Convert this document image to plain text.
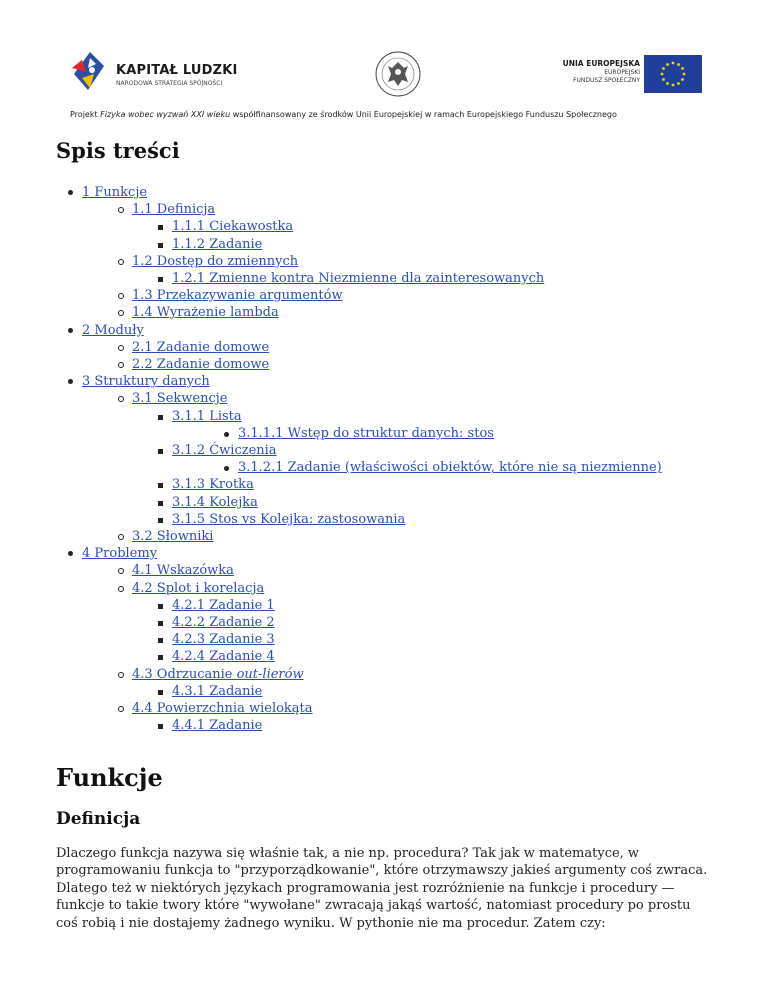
KAPITAŁ LUDZKI
NARODOWA STRATEGIA SPÓJNOŚCI
UNIA EUROPEJSKA
EUROPEJSKI
FUNDUSZ SPOŁECZNY
Projekt Fizyka wobec wyzwań XXI wieku współfinansowany ze środków Unii Europejskiej w ramach Europejskiego Funduszu Społecznego
Spis treści
1 Funkcje
1.1 Definicja
1.1.1 Ciekawostka
1.1.2 Zadanie
1.2 Dostęp do zmiennych
1.2.1 Zmienne kontra Niezmienne dla zainteresowanych
1.3 Przekazywanie argumentów
1.4 Wyrażenie lambda
2 Moduły
2.1 Zadanie domowe
2.2 Zadanie domowe
3 Struktury danych
3.1 Sekwencje
3.1.1 Lista
3.1.1.1 Wstęp do struktur danych: stos
3.1.2 Ćwiczenia
3.1.2.1 Zadanie (właściwości obiektów, które nie są niezmienne)
3.1.3 Krotka
3.1.4 Kolejka
3.1.5 Stos vs Kolejka: zastosowania
3.2 Słowniki
4 Problemy
4.1 Wskazówka
4.2 Splot i korelacja
4.2.1 Zadanie 1
4.2.2 Zadanie 2
4.2.3 Zadanie 3
4.2.4 Zadanie 4
4.3 Odrzucanie out-lierów
4.3.1 Zadanie
4.4 Powierzchnia wielokąta
4.4.1 Zadanie
Funkcje
Definicja

Dlaczego funkcja nazywa się właśnie tak, a nie np. procedura? Tak jak w matematyce, w programowaniu funkcja to "przyporządkowanie", które otrzymawszy jakieś argumenty coś zwraca. Dlatego też w niektórych językach programowania jest rozróżnienie na funkcje i procedury — funkcje to takie twory które "wywołane" zwracają jakąś wartość, natomiast procedury po prostu coś robią i nie dostajemy żadnego wyniku. W pythonie nie ma procedur. Zatem czy:
